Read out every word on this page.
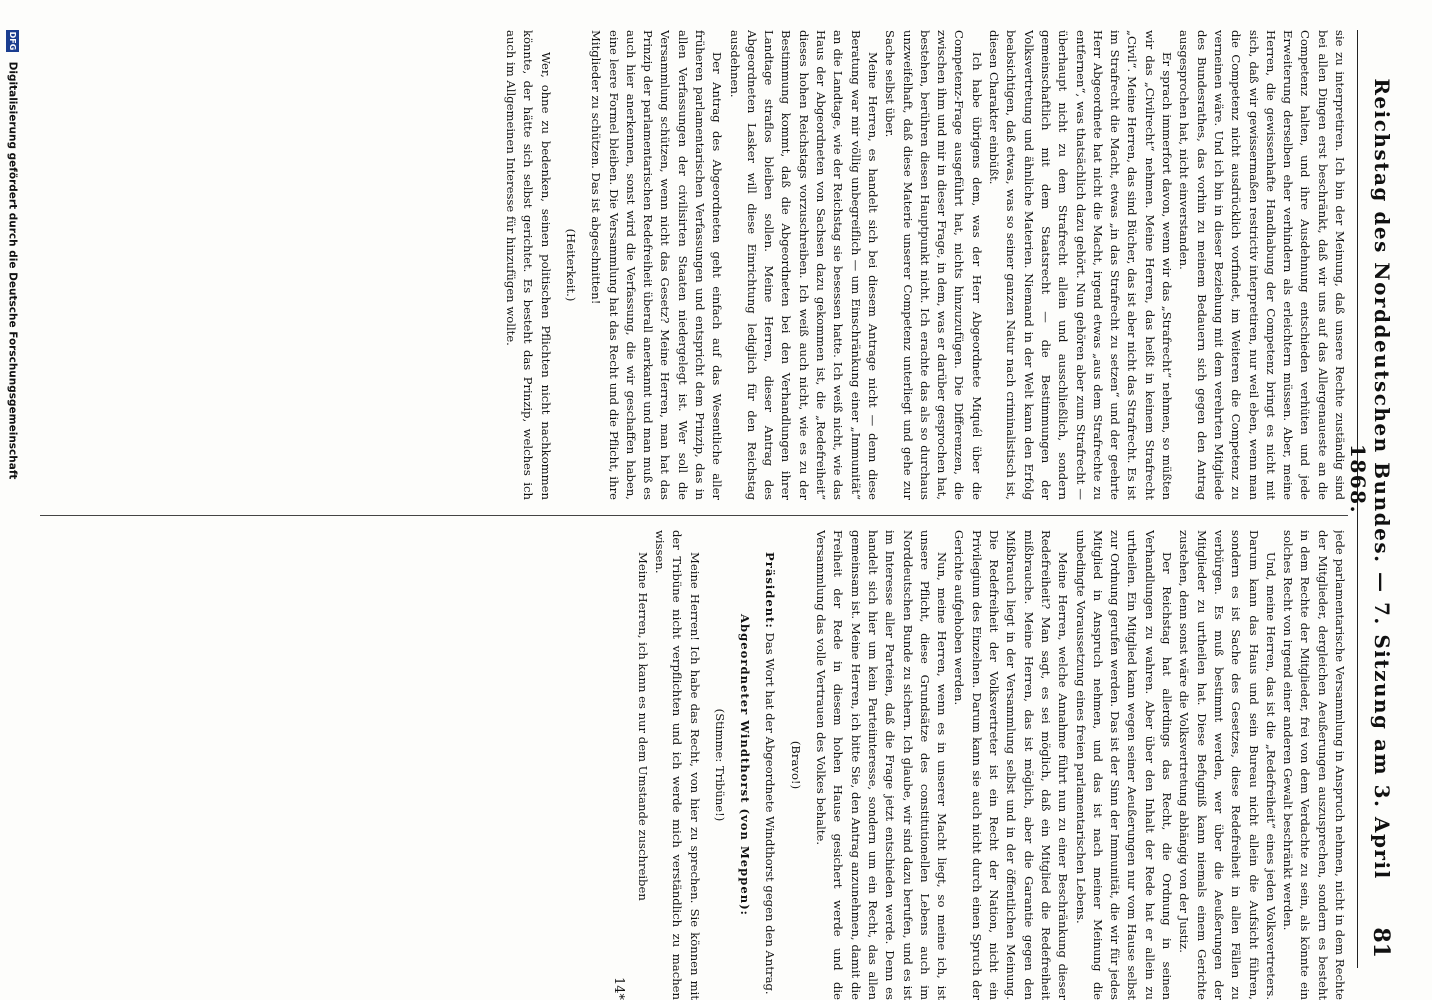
Reichstag des Norddeutschen Bundes. — 7. Sitzung am 3. April 1868.
81

sie zu interpretiren. Ich bin der Meinung, daß unsere Rechte zuständig sind bei allen Dingen erst beschränkt, daß wir uns auf das Allergenaueste an die Competenz halten, und ihre Ausdehnung entschieden verhüten und jede Erweiterung derselben eher verhindern als erleichtern müssen. Aber, meine Herren, die gewissenhafte Handhabung der Competenz bringt es nicht mit sich, daß wir gewissermaßen restrictiv interpretiren, nur weil eben, wenn man die Competenz nicht ausdrücklich vorfindet, im Weiteren die Competenz zu verneinen wäre. Und ich bin in dieser Beziehung mit dem verehrten Mitgliede des Bundesrathes, das vorhin zu meinem Bedauern sich gegen den Antrag ausgesprochen hat, nicht einverstanden.

Er sprach immerfort davon, wenn wir das „Strafrecht“ nehmen, so müßten wir das „Civilrecht“ nehmen. Meine Herren, das heißt in keinem Strafrecht „Civil“. Meine Herren, das sind Bücher, das ist aber nicht das Strafrecht. Es ist im Strafrecht die Macht, etwas „in das Strafrecht zu setzen“ und der geehrte Herr Abgeordnete hat nicht die Macht, irgend etwas „aus dem Strafrechte zu entfernen“, was thatsächlich dazu gehört. Nun gehören aber zum Strafrecht — überhaupt nicht zu dem Strafrecht allein und ausschließlich, sondern gemeinschaftlich mit dem Staatsrecht — die Bestimmungen der Volksvertretung und ähnliche Materien. Niemand in der Welt kann den Erfolg beabsichtigen, daß etwas, was so seiner ganzen Natur nach criminalistisch ist, diesen Charakter einbüßt.

Ich habe übrigens dem, was der Herr Abgeordnete Miquél über die Competenz-Frage ausgeführt hat, nichts hinzuzufügen. Die Differenzen, die zwischen ihm und mir in dieser Frage, in dem, was er darüber gesprochen hat, bestehen, berühren diesen Hauptpunkt nicht. Ich erachte das als so durchaus unzweifelhaft, daß diese Materie unserer Competenz unterliegt und gehe zur Sache selbst über.

Meine Herren, es handelt sich bei diesem Antrage nicht — denn diese Beratung war mir völlig unbegreiflich — um Einschränkung einer „Immunität“ an die Landtage, wie der Reichstag sie besessen hatte. Ich weiß nicht, wie das Haus der Abgeordneten von Sachsen dazu gekommen ist, die „Redefreiheit“ dieses hohen Reichstags vorzuschreiben. Ich weiß auch nicht, wie es zu der Bestimmung kommt, daß die Abgeordneten bei den Verhandlungen ihrer Landtage straflos bleiben sollen. Meine Herren, dieser Antrag des Abgeordneten Lasker will diese Einrichtung lediglich für den Reichstag ausdehnen.

Der Antrag des Abgeordneten geht einfach auf das Wesentliche aller früheren parlamentarischen Verfassungen und entspricht dem Prinzip, das in allen Verfassungen der civilisirten Staaten niedergelegt ist. Wer soll die Versammlung schützen, wenn nicht das Gesetz? Meine Herren, man hat das Prinzip der parlamentarischen Redefreiheit überall anerkannt und man muß es auch hier anerkennen, sonst wird die Verfassung, die wir geschaffen haben, eine leere Formel bleiben. Die Versammlung hat das Recht und die Pflicht, ihre Mitglieder zu schützen. Das ist abgeschnitten!

(Heiterkeit.)

Wer, ohne zu bedenken, seinen politischen Pflichten nicht nachkommen könnte, der hätte sich selbst gerichtet. Es besteht das Prinzip, welches ich auch im Allgemeinen Interesse für hinzufügen wollte.

jede parlamentarische Versammlung in Anspruch nehmen, nicht in dem Rechte der Mitglieder, dergleichen Aeußerungen auszusprechen, sondern es besteht in dem Rechte der Mitglieder, frei von dem Verdachte zu sein, als könnte ein solches Recht von irgend einer anderen Gewalt beschränkt werden.

Und, meine Herren, das ist die „Redefreiheit“ eines jeden Volksvertreters. Darum kann das Haus und sein Bureau nicht allein die Aufsicht führen, sondern es ist Sache des Gesetzes, diese Redefreiheit in allen Fällen zu verbürgen. Es muß bestimmt werden, wer über die Aeußerungen der Mitglieder zu urtheilen hat. Diese Befugniß kann niemals einem Gerichte zustehen, denn sonst wäre die Volksvertretung abhängig von der Justiz.

Der Reichstag hat allerdings das Recht, die Ordnung in seinen Verhandlungen zu wahren. Aber über den Inhalt der Rede hat er allein zu urtheilen. Ein Mitglied kann wegen seiner Aeußerungen nur vom Hause selbst zur Ordnung gerufen werden. Das ist der Sinn der Immunität, die wir für jedes Mitglied in Anspruch nehmen, und das ist nach meiner Meinung die unbedingte Voraussetzung eines freien parlamentarischen Lebens.

Meine Herren, welche Annahme führt nun zu einer Beschränkung dieser Redefreiheit? Man sagt, es sei möglich, daß ein Mitglied die Redefreiheit mißbrauche. Meine Herren, das ist möglich, aber die Garantie gegen den Mißbrauch liegt in der Versammlung selbst und in der öffentlichen Meinung. Die Redefreiheit der Volksvertreter ist ein Recht der Nation, nicht ein Privilegium des Einzelnen. Darum kann sie auch nicht durch einen Spruch der Gerichte aufgehoben werden.

Nun, meine Herren, wenn es in unserer Macht liegt, so meine ich, ist unsere Pflicht, diese Grundsätze des constitutionellen Lebens auch im Norddeutschen Bunde zu sichern. Ich glaube, wir sind dazu berufen, und es ist im Interesse aller Parteien, daß die Frage jetzt entschieden werde. Denn es handelt sich hier um kein Parteiinteresse, sondern um ein Recht, das allen gemeinsam ist. Meine Herren, ich bitte Sie, den Antrag anzunehmen, damit die Freiheit der Rede in diesem hohen Hause gesichert werde und die Versammlung das volle Vertrauen des Volkes behalte.

(Bravo!)

Präsident: Das Wort hat der Abgeordnete Windthorst gegen den Antrag.

Abgeordneter Windthorst (von Meppen):

(Stimme: Tribüne!)

Meine Herren! Ich habe das Recht, von hier zu sprechen. Sie können mit der Tribüne nicht verpflichten und ich werde mich verständlich zu machen wissen.

Meine Herren, ich kann es nur dem Umstande zuschreiben

14*
DFG Digitalisierung gefördert durch die Deutsche Forschungsgemeinschaft
